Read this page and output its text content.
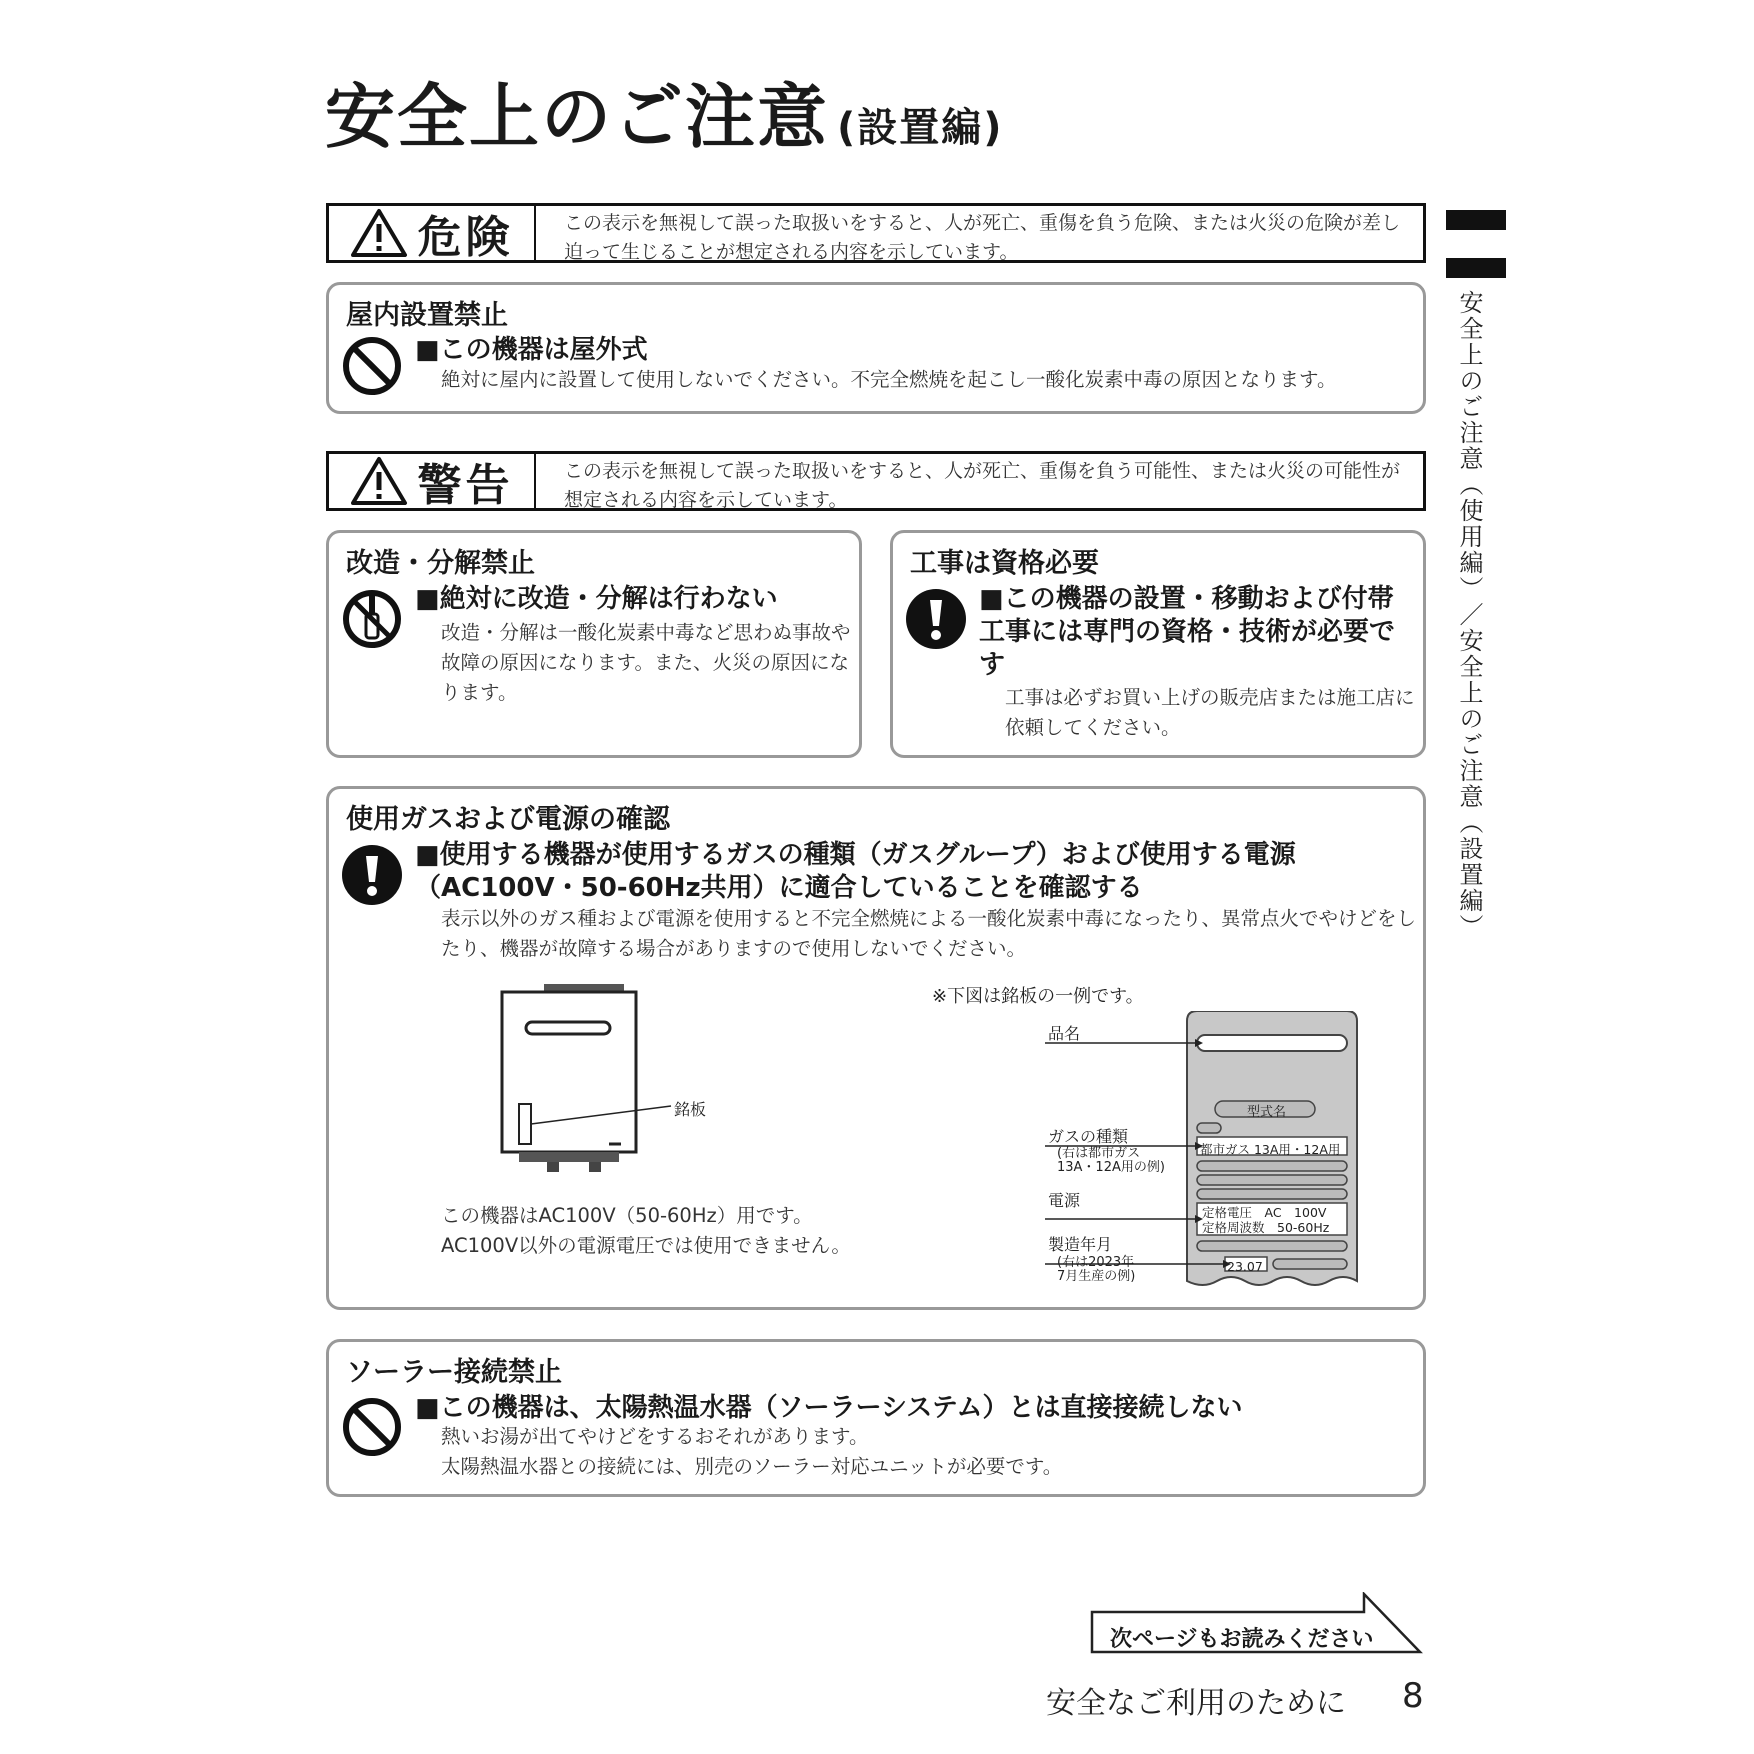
安全上のご注意 (設置編)
安全上のご注意（使用編）／安全上のご注意（設置編）
危険	この表示を無視して誤った取扱いをすると、人が死亡、重傷を負う危険、または火災の危険が差し迫って生じることが想定される内容を示しています。
屋内設置禁止
■この機器は屋外式
絶対に屋内に設置して使用しないでください。不完全燃焼を起こし一酸化炭素中毒の原因となります。
警告	この表示を無視して誤った取扱いをすると、人が死亡、重傷を負う可能性、または火災の可能性が想定される内容を示しています。
改造・分解禁止
■絶対に改造・分解は行わない
改造・分解は一酸化炭素中毒など思わぬ事故や故障の原因になります。また、火災の原因になります。
工事は資格必要
■この機器の設置・移動および付帯工事には専門の資格・技術が必要です
工事は必ずお買い上げの販売店または施工店に依頼してください。
使用ガスおよび電源の確認
■使用する機器が使用するガスの種類（ガスグループ）および使用する電源（AC100V・50-60Hz共用）に適合していることを確認する
表示以外のガス種および電源を使用すると不完全燃焼による一酸化炭素中毒になったり、異常点火でやけどをしたり、機器が故障する場合がありますので使用しないでください。
銘板
この機器はAC100V（50-60Hz）用です。
AC100V以外の電源電圧では使用できません。
※下図は銘板の一例です。
品名
型式名
ガスの種類
(右は都市ガス
13A・12A用の例)
都市ガス 13A用・12A用
電源
定格電圧　AC　100V
定格周波数　50-60Hz
製造年月
23.07
(右は2023年
7月生産の例)
ソーラー接続禁止
■この機器は、太陽熱温水器（ソーラーシステム）とは直接接続しない
熱いお湯が出てやけどをするおそれがあります。
太陽熱温水器との接続には、別売のソーラー対応ユニットが必要です。
次ページもお読みください
安全なご利用のために 8
